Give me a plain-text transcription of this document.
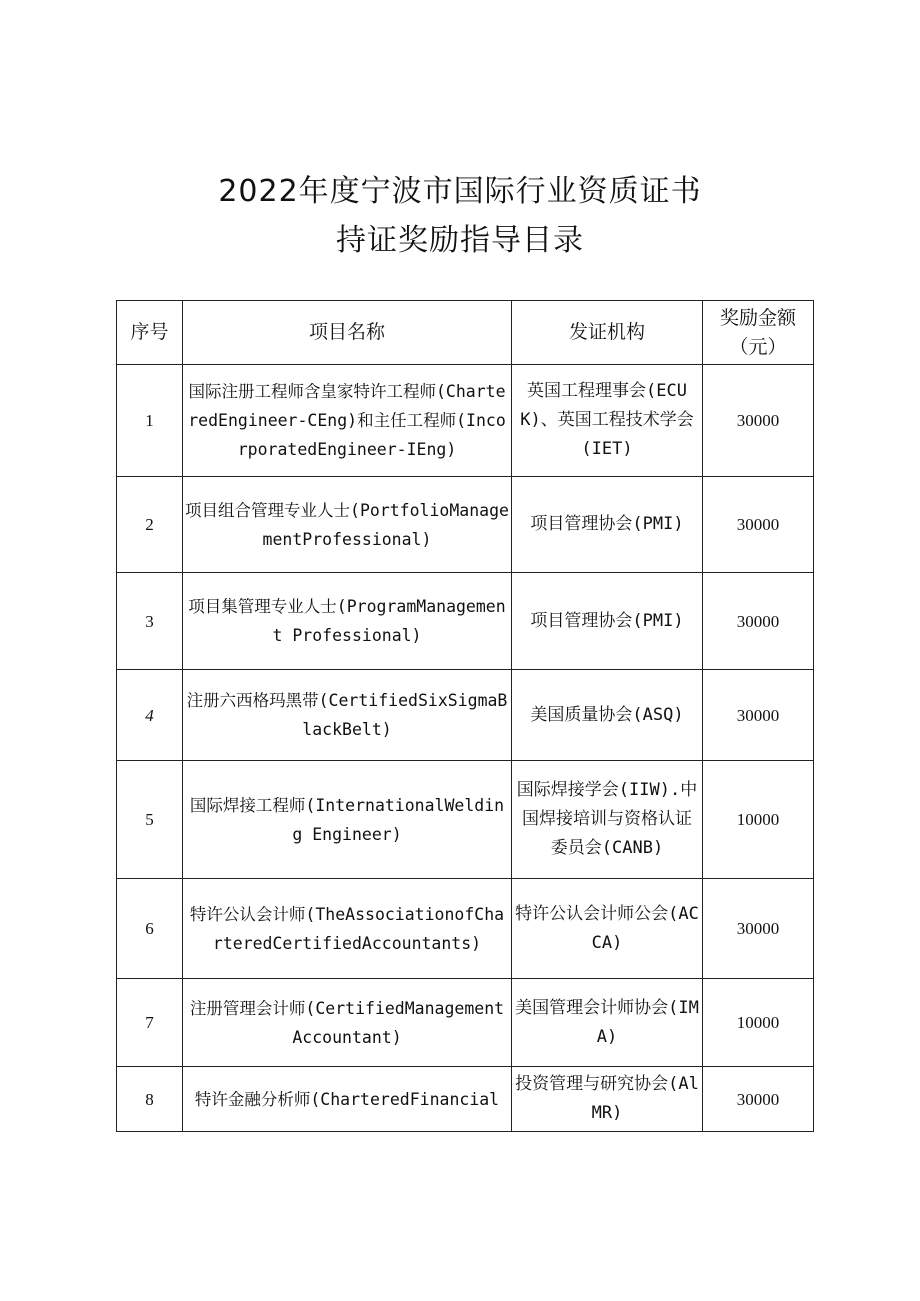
2022年度宁波市国际行业资质证书
持证奖励指导目录
序号	项目名称	发证机构	奖励金额（元）
1	国际注册工程师含皇家特许工程师(CharteredEngineer-CEng)和主任工程师(IncorporatedEngineer-IEng)	英国工程理事会(ECUK)、英国工程技术学会(IET)	30000
2	项目组合管理专业人士(PortfolioManagementProfessional)	项目管理协会(PMI)	30000
3	项目集管理专业人士(ProgramManagement Professional)	项目管理协会(PMI)	30000
4	注册六西格玛黑带(CertifiedSixSigmaBlackBelt)	美国质量协会(ASQ)	30000
5	国际焊接工程师(InternationalWelding Engineer)	国际焊接学会(IIW).中国焊接培训与资格认证委员会(CANB)	10000
6	特许公认会计师(TheAssociationofCharteredCertifiedAccountants)	特许公认会计师公会(ACCA)	30000
7	注册管理会计师(CertifiedManagementAccountant)	美国管理会计师协会(IMA)	10000
8	特许金融分析师(CharteredFinancial	投资管理与研究协会(AlMR)	30000
